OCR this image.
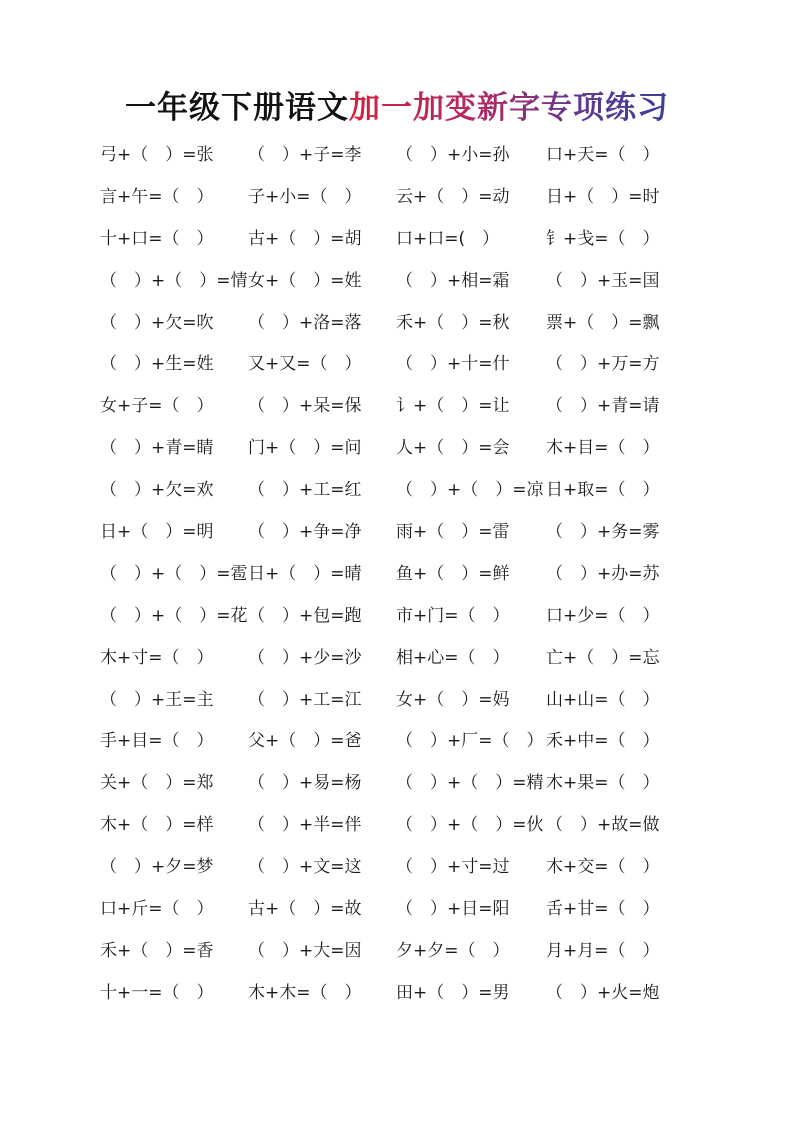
一年级下册语文加一加变新字专项练习
弓+（　）=张	（　）+子=李	（　）+小=孙	口+天=（　）
言+午=（　）	子+小=（　）	云+（　）=动	日+（　）=时
十+口=（　）	古+（　）=胡	口+口=(　）	钅+戋=（　）
（　）+（　）=情 女+（　）=姓	（　）+相=霜	（　）+玉=国
（　）+欠=吹	（　）+洛=落	禾+（　）=秋	票+（　）=飘
（　）+生=姓	又+又=（　）	（　）+十=什	（　）+万=方
女+子=（　）	（　）+呆=保	讠+（　）=让	（　）+青=请
（　）+青=睛	门+（　）=问	人+（　）=会	木+目=（　）
（　）+欠=欢	（　）+工=红	（　）+（　）=凉 日+取=（　）
日+（　）=明	（　）+争=净	雨+（　）=雷	（　）+务=雾
（　）+（　）=雹 日+（　）=晴	鱼+（　）=鲜	（　）+办=苏
（　）+（　）=花 （　）+包=跑	市+门=（　）	口+少=（　）
木+寸=（　）	（　）+少=沙	相+心=（　）	亡+（　）=忘
（　）+王=主	（　）+工=江	女+（　）=妈	山+山=（　）
手+目=（　）	父+（　）=爸	（　）+厂=（　） 禾+中=（　）
关+（　）=郑	（　）+易=杨	（　）+（　）=精 木+果=（　）
木+（　）=样	（　）+半=伴	（　）+（　）=伙 （　）+故=做
（　）+夕=梦	（　）+文=这	（　）+寸=过	木+交=（　）
口+斤=（　）	古+（　）=故	（　）+日=阳	舌+甘=（　）
禾+（　）=香	（　）+大=因	夕+夕=（　）	月+月=（　）
十+一=（　）	木+木=（　）	田+（　）=男	（　）+火=炮
